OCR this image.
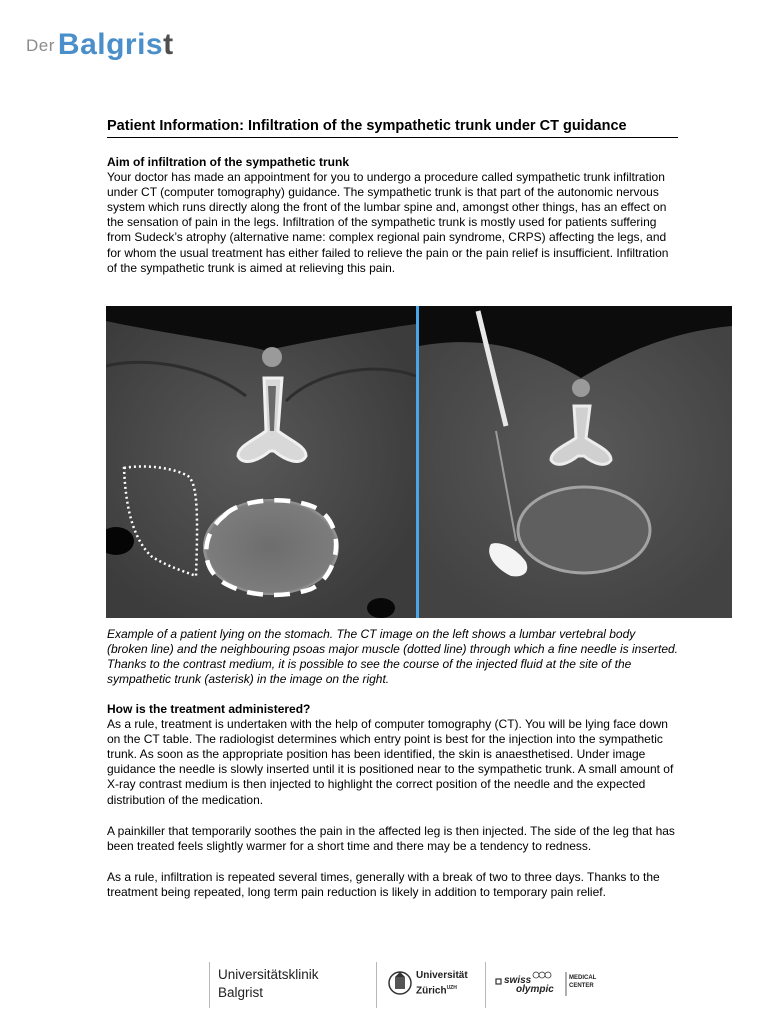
Der Balgrist
Patient Information: Infiltration of the sympathetic trunk under CT guidance

Aim of infiltration of the sympathetic trunk
Your doctor has made an appointment for you to undergo a procedure called sympathetic trunk infiltration under CT (computer tomography) guidance. The sympathetic trunk is that part of the autonomic nervous system which runs directly along the front of the lumbar spine and, amongst other things, has an effect on the sensation of pain in the legs. Infiltration of the sympathetic trunk is mostly used for patients suffering from Sudeck’s atrophy (alternative name: complex regional pain syndrome, CRPS) affecting the legs, and for whom the usual treatment has either failed to relieve the pain or the pain relief is insufficient. Infiltration of the sympathetic trunk is aimed at relieving this pain.

Example of a patient lying on the stomach. The CT image on the left shows a lumbar vertebral body (broken line) and the neighbouring psoas major muscle (dotted line) through which a fine needle is inserted. Thanks to the contrast medium, it is possible to see the course of the injected fluid at the site of the sympathetic trunk (asterisk) in the image on the right.

How is the treatment administered?
As a rule, treatment is undertaken with the help of computer tomography (CT). You will be lying face down on the CT table. The radiologist determines which entry point is best for the injection into the sympathetic trunk. As soon as the appropriate position has been identified, the skin is anaesthetised. Under image guidance the needle is slowly inserted until it is positioned near to the sympathetic trunk. A small amount of X-ray contrast medium is then injected to highlight the correct position of the needle and the expected distribution of the medication.

A painkiller that temporarily soothes the pain in the affected leg is then injected. The side of the leg that has been treated feels slightly warmer for a short time and there may be a tendency to redness.

As a rule, infiltration is repeated several times, generally with a break of two to three days. Thanks to the treatment being repeated, long term pain reduction is likely in addition to temporary pain relief.

Universitätsklinik
Balgrist
Universität
Zürich$^{UZH}$
swiss
olympic
MEDICAL
CENTER
